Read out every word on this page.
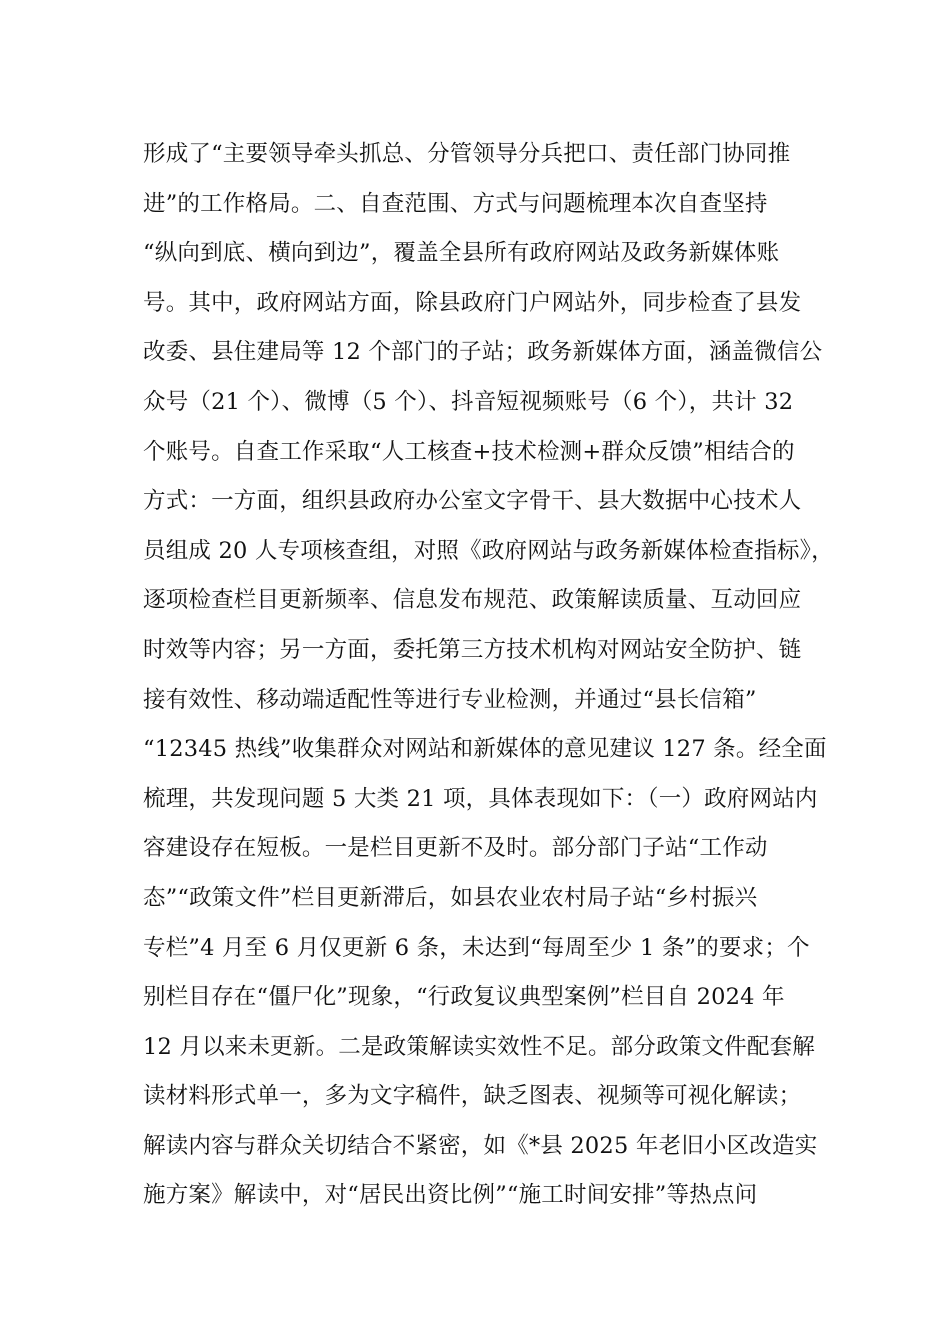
形成了“主要领导牵头抓总、分管领导分兵把口、责任部门协同推
进”的工作格局。二、自查范围、方式与问题梳理本次自查坚持
“纵向到底、横向到边”，覆盖全县所有政府网站及政务新媒体账
号。其中，政府网站方面，除县政府门户网站外，同步检查了县发
改委、县住建局等 12 个部门的子站；政务新媒体方面，涵盖微信公
众号（21 个）、微博（5 个）、抖音短视频账号（6 个），共计 32
个账号。自查工作采取“人工核查+技术检测+群众反馈”相结合的
方式：一方面，组织县政府办公室文字骨干、县大数据中心技术人
员组成 20 人专项核查组，对照《政府网站与政务新媒体检查指标》，
逐项检查栏目更新频率、信息发布规范、政策解读质量、互动回应
时效等内容；另一方面，委托第三方技术机构对网站安全防护、链
接有效性、移动端适配性等进行专业检测，并通过“县长信箱”
“12345 热线”收集群众对网站和新媒体的意见建议 127 条。经全面
梳理，共发现问题 5 大类 21 项，具体表现如下：（一）政府网站内
容建设存在短板。一是栏目更新不及时。部分部门子站“工作动
态”“政策文件”栏目更新滞后，如县农业农村局子站“乡村振兴
专栏”4 月至 6 月仅更新 6 条，未达到“每周至少 1 条”的要求；个
别栏目存在“僵尸化”现象，“行政复议典型案例”栏目自 2024 年
12 月以来未更新。二是政策解读实效性不足。部分政策文件配套解
读材料形式单一，多为文字稿件，缺乏图表、视频等可视化解读；
解读内容与群众关切结合不紧密，如《*县 2025 年老旧小区改造实
施方案》解读中，对“居民出资比例”“施工时间安排”等热点问
